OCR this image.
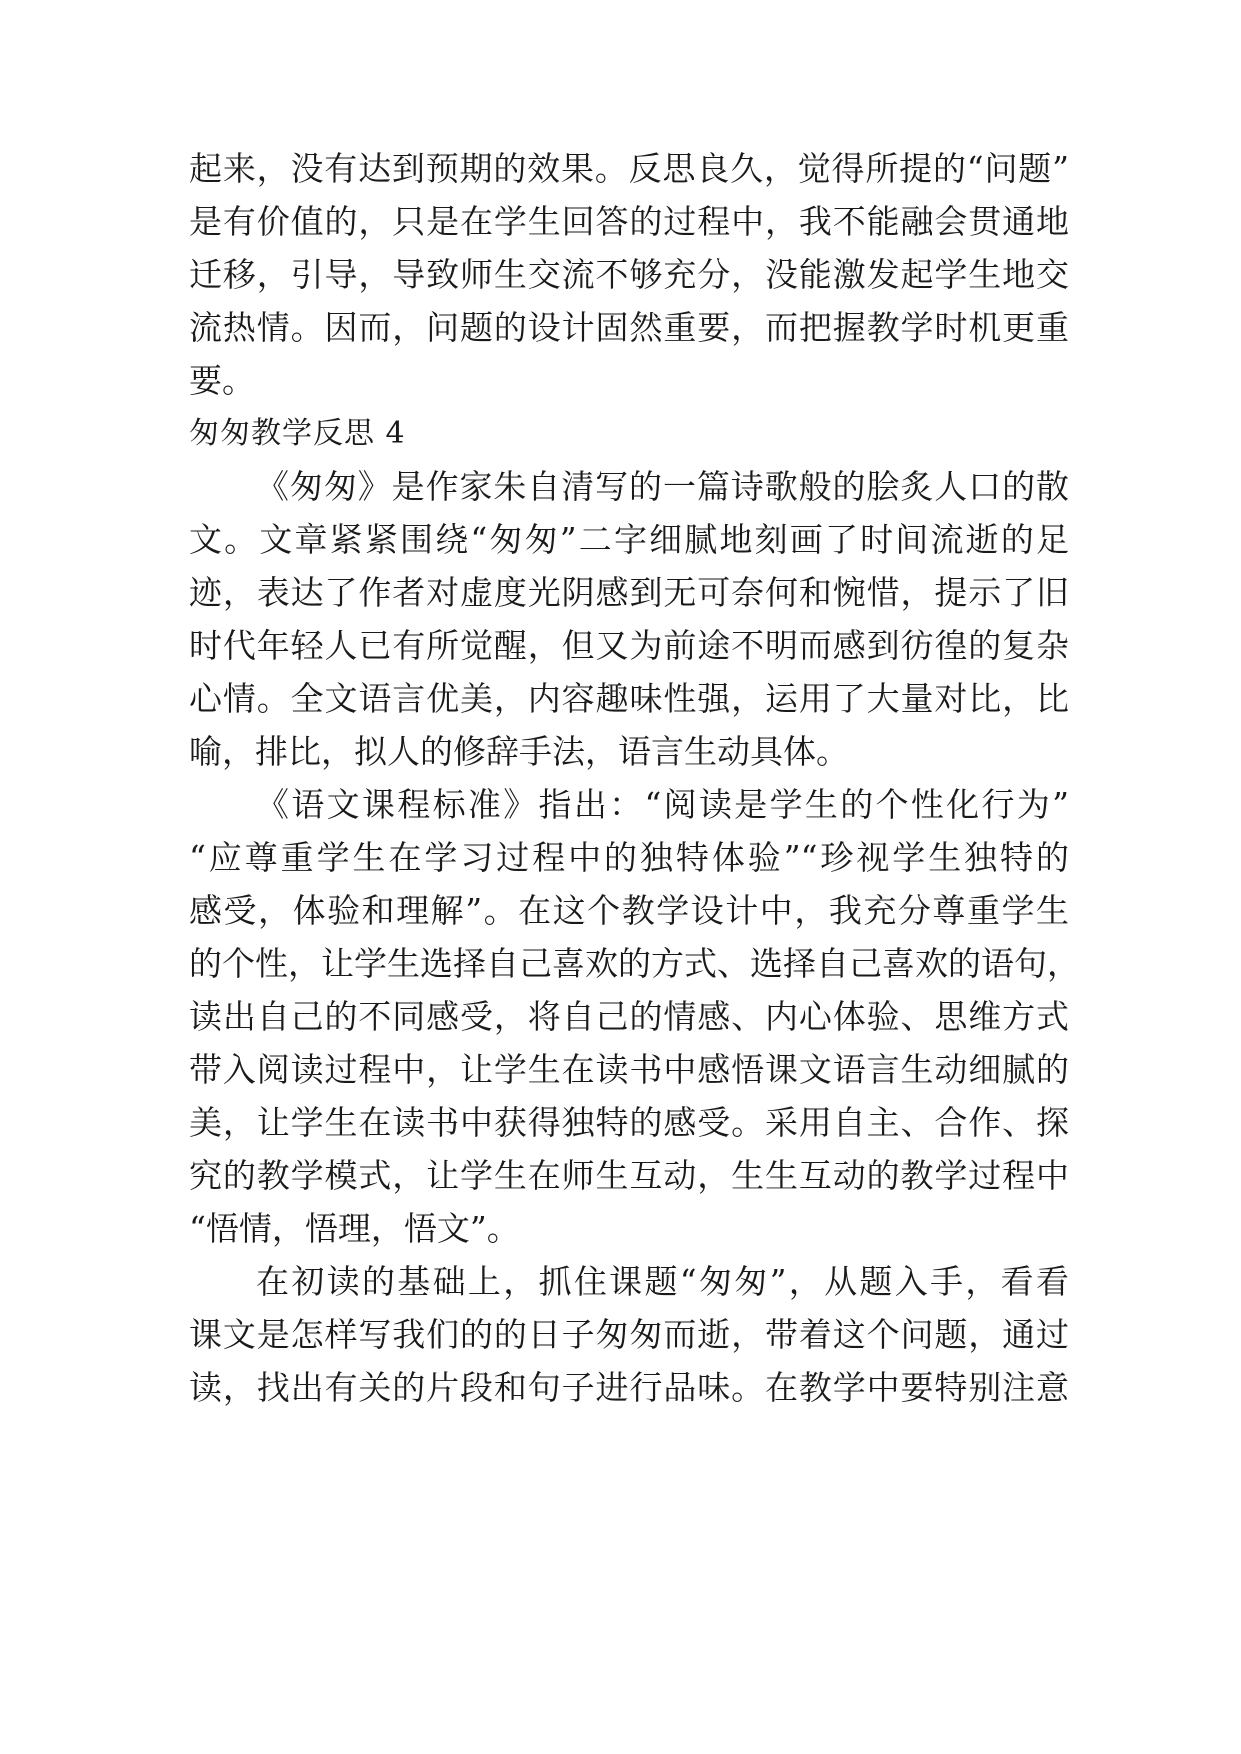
起来，没有达到预期的效果。反思良久，觉得所提的“问题”
是有价值的，只是在学生回答的过程中，我不能融会贯通地
迁移，引导，导致师生交流不够充分，没能激发起学生地交
流热情。因而，问题的设计固然重要，而把握教学时机更重
要。
匆匆教学反思 4
《匆匆》是作家朱自清写的一篇诗歌般的脍炙人口的散
文。文章紧紧围绕“匆匆”二字细腻地刻画了时间流逝的足
迹，表达了作者对虚度光阴感到无可奈何和惋惜，提示了旧
时代年轻人已有所觉醒，但又为前途不明而感到彷徨的复杂
心情。全文语言优美，内容趣味性强，运用了大量对比，比
喻，排比，拟人的修辞手法，语言生动具体。
《语文课程标准》指出：“阅读是学生的个性化行为”
“应尊重学生在学习过程中的独特体验”“珍视学生独特的
感受，体验和理解”。在这个教学设计中，我充分尊重学生
的个性，让学生选择自己喜欢的方式、选择自己喜欢的语句，
读出自己的不同感受，将自己的情感、内心体验、思维方式
带入阅读过程中，让学生在读书中感悟课文语言生动细腻的
美，让学生在读书中获得独特的感受。采用自主、合作、探
究的教学模式，让学生在师生互动，生生互动的教学过程中
“悟情，悟理，悟文”。
在初读的基础上，抓住课题“匆匆”，从题入手，看看
课文是怎样写我们的的日子匆匆而逝，带着这个问题，通过
读，找出有关的片段和句子进行品味。在教学中要特别注意
